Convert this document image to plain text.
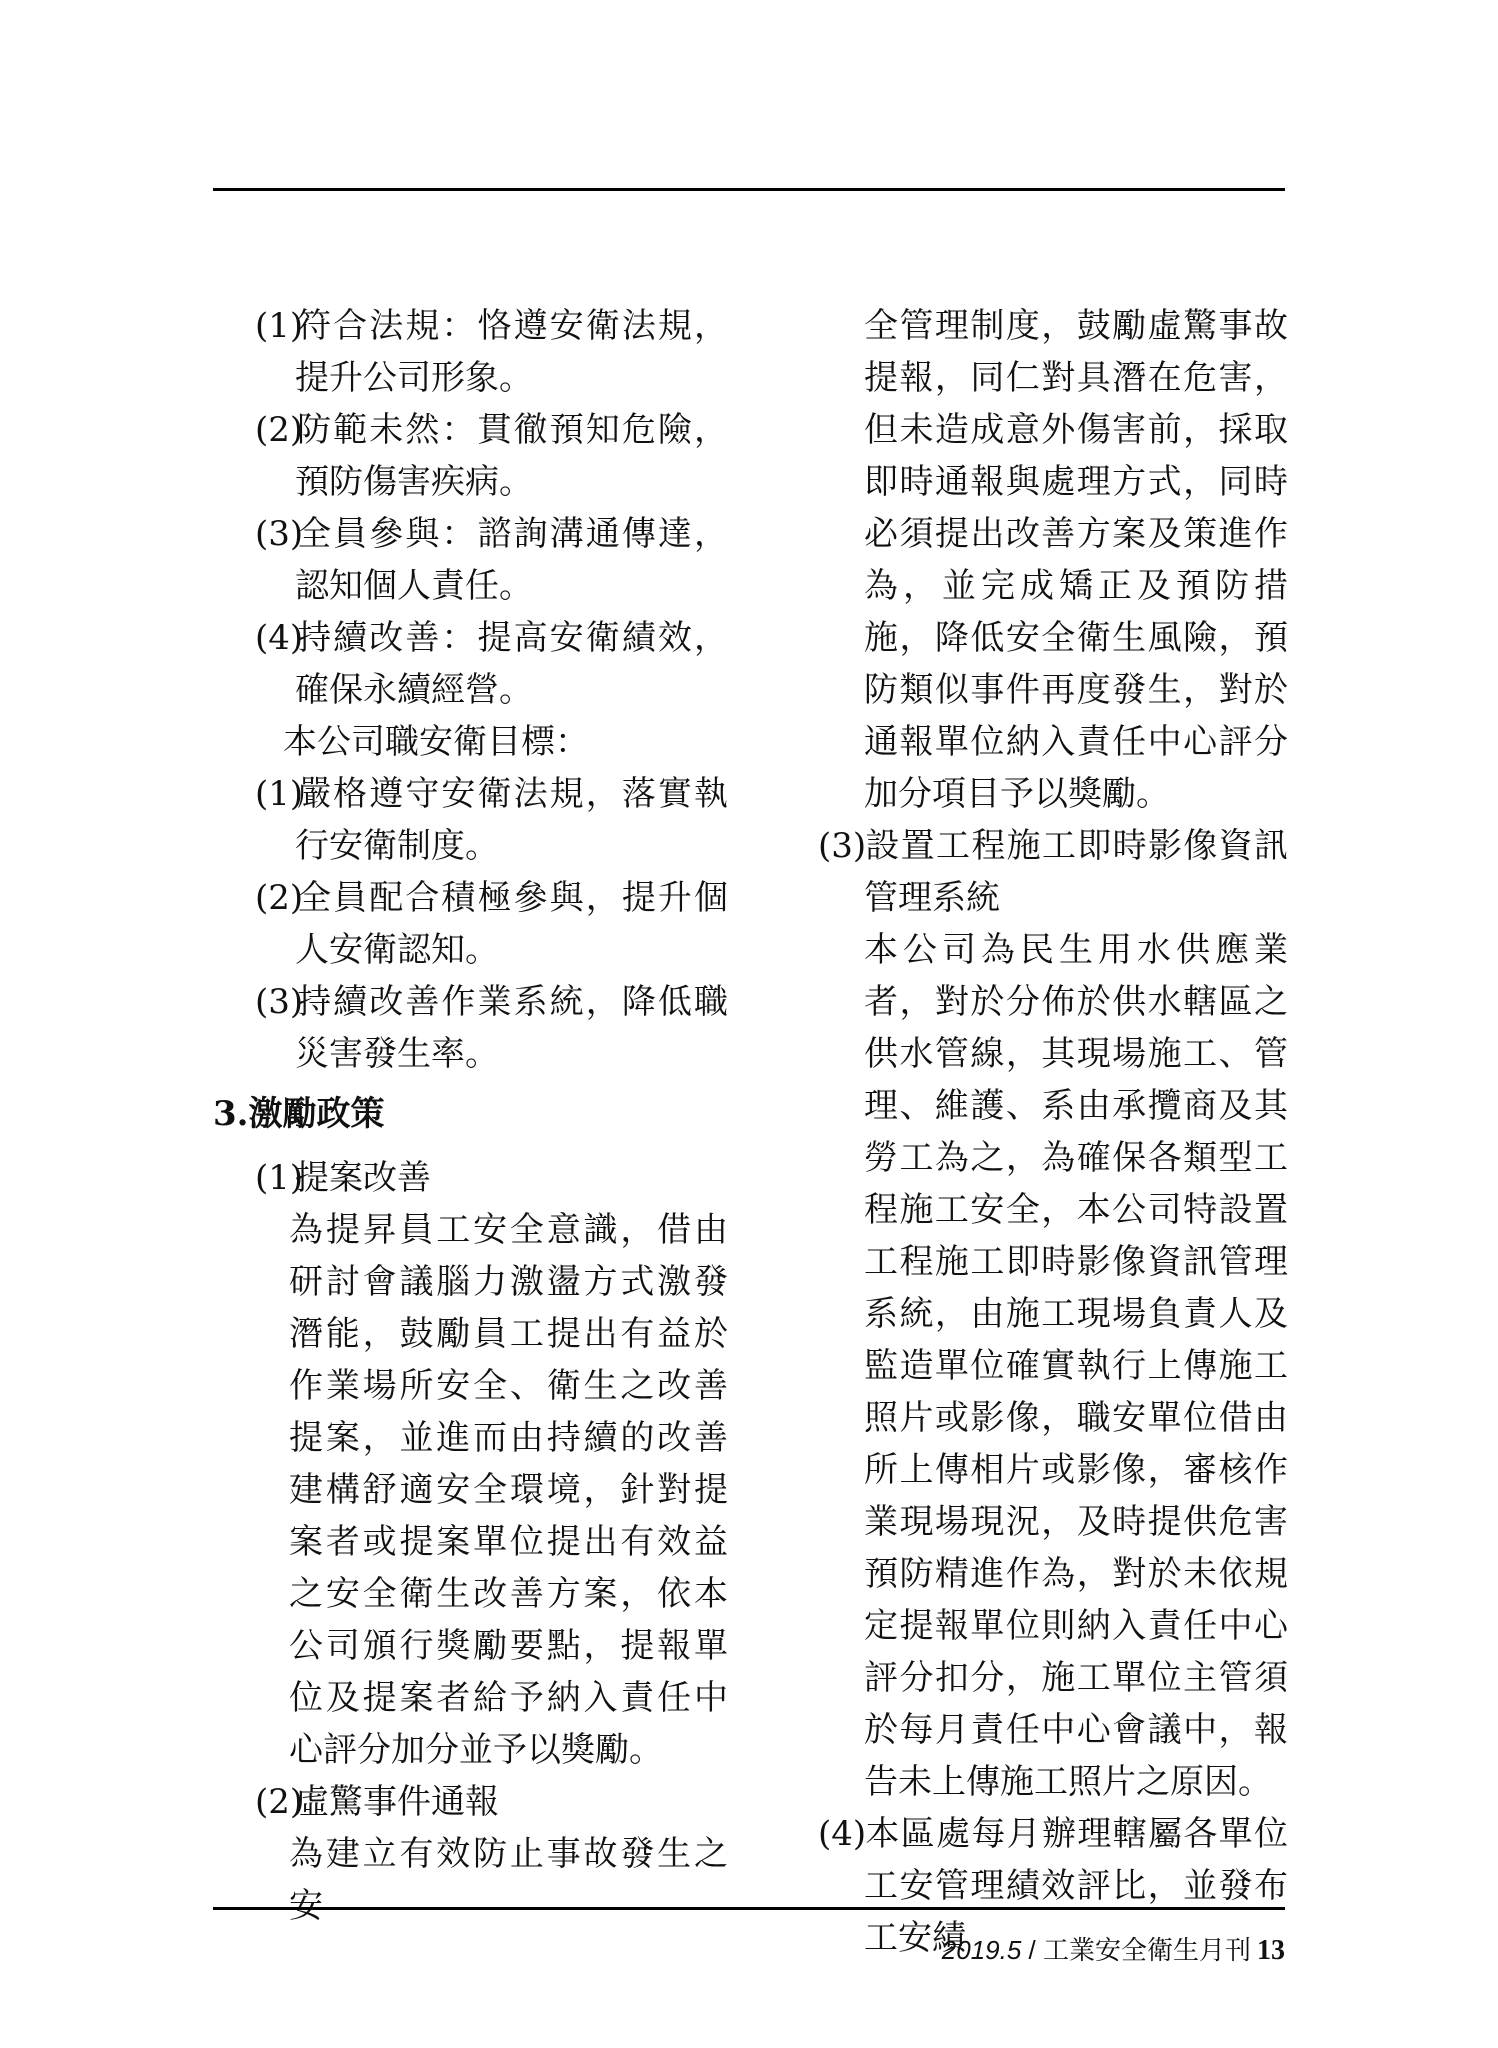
(1)符合法規：恪遵安衛法規，提升公司形象。
(2)防範未然：貫徹預知危險，預防傷害疾病。
(3)全員參與：諮詢溝通傳達，認知個人責任。
(4)持續改善：提高安衛績效，確保永續經營。
本公司職安衛目標：
(1)嚴格遵守安衛法規，落實執行安衛制度。
(2)全員配合積極參與，提升個人安衛認知。
(3)持續改善作業系統，降低職災害發生率。
3.激勵政策
(1)提案改善
為提昇員工安全意識，借由研討會議腦力激盪方式激發潛能，鼓勵員工提出有益於作業場所安全、衛生之改善提案，並進而由持續的改善建構舒適安全環境，針對提案者或提案單位提出有效益之安全衛生改善方案，依本公司頒行獎勵要點，提報單位及提案者給予納入責任中心評分加分並予以獎勵。
(2)虛驚事件通報
為建立有效防止事故發生之安
全管理制度，鼓勵虛驚事故提報，同仁對具潛在危害，但未造成意外傷害前，採取即時通報與處理方式，同時必須提出改善方案及策進作為，並完成矯正及預防措施，降低安全衛生風險，預防類似事件再度發生，對於通報單位納入責任中心評分加分項目予以獎勵。
(3)設置工程施工即時影像資訊管理系統
本公司為民生用水供應業者，對於分佈於供水轄區之供水管線，其現場施工、管理、維護、系由承攬商及其勞工為之，為確保各類型工程施工安全，本公司特設置工程施工即時影像資訊管理系統，由施工現場負責人及監造單位確實執行上傳施工照片或影像，職安單位借由所上傳相片或影像，審核作業現場現況，及時提供危害預防精進作為，對於未依規定提報單位則納入責任中心評分扣分，施工單位主管須於每月責任中心會議中，報告未上傳施工照片之原因。
(4)本區處每月辦理轄屬各單位工安管理績效評比，並發布工安績
2019.5 / 工業安全衛生月刊 13
